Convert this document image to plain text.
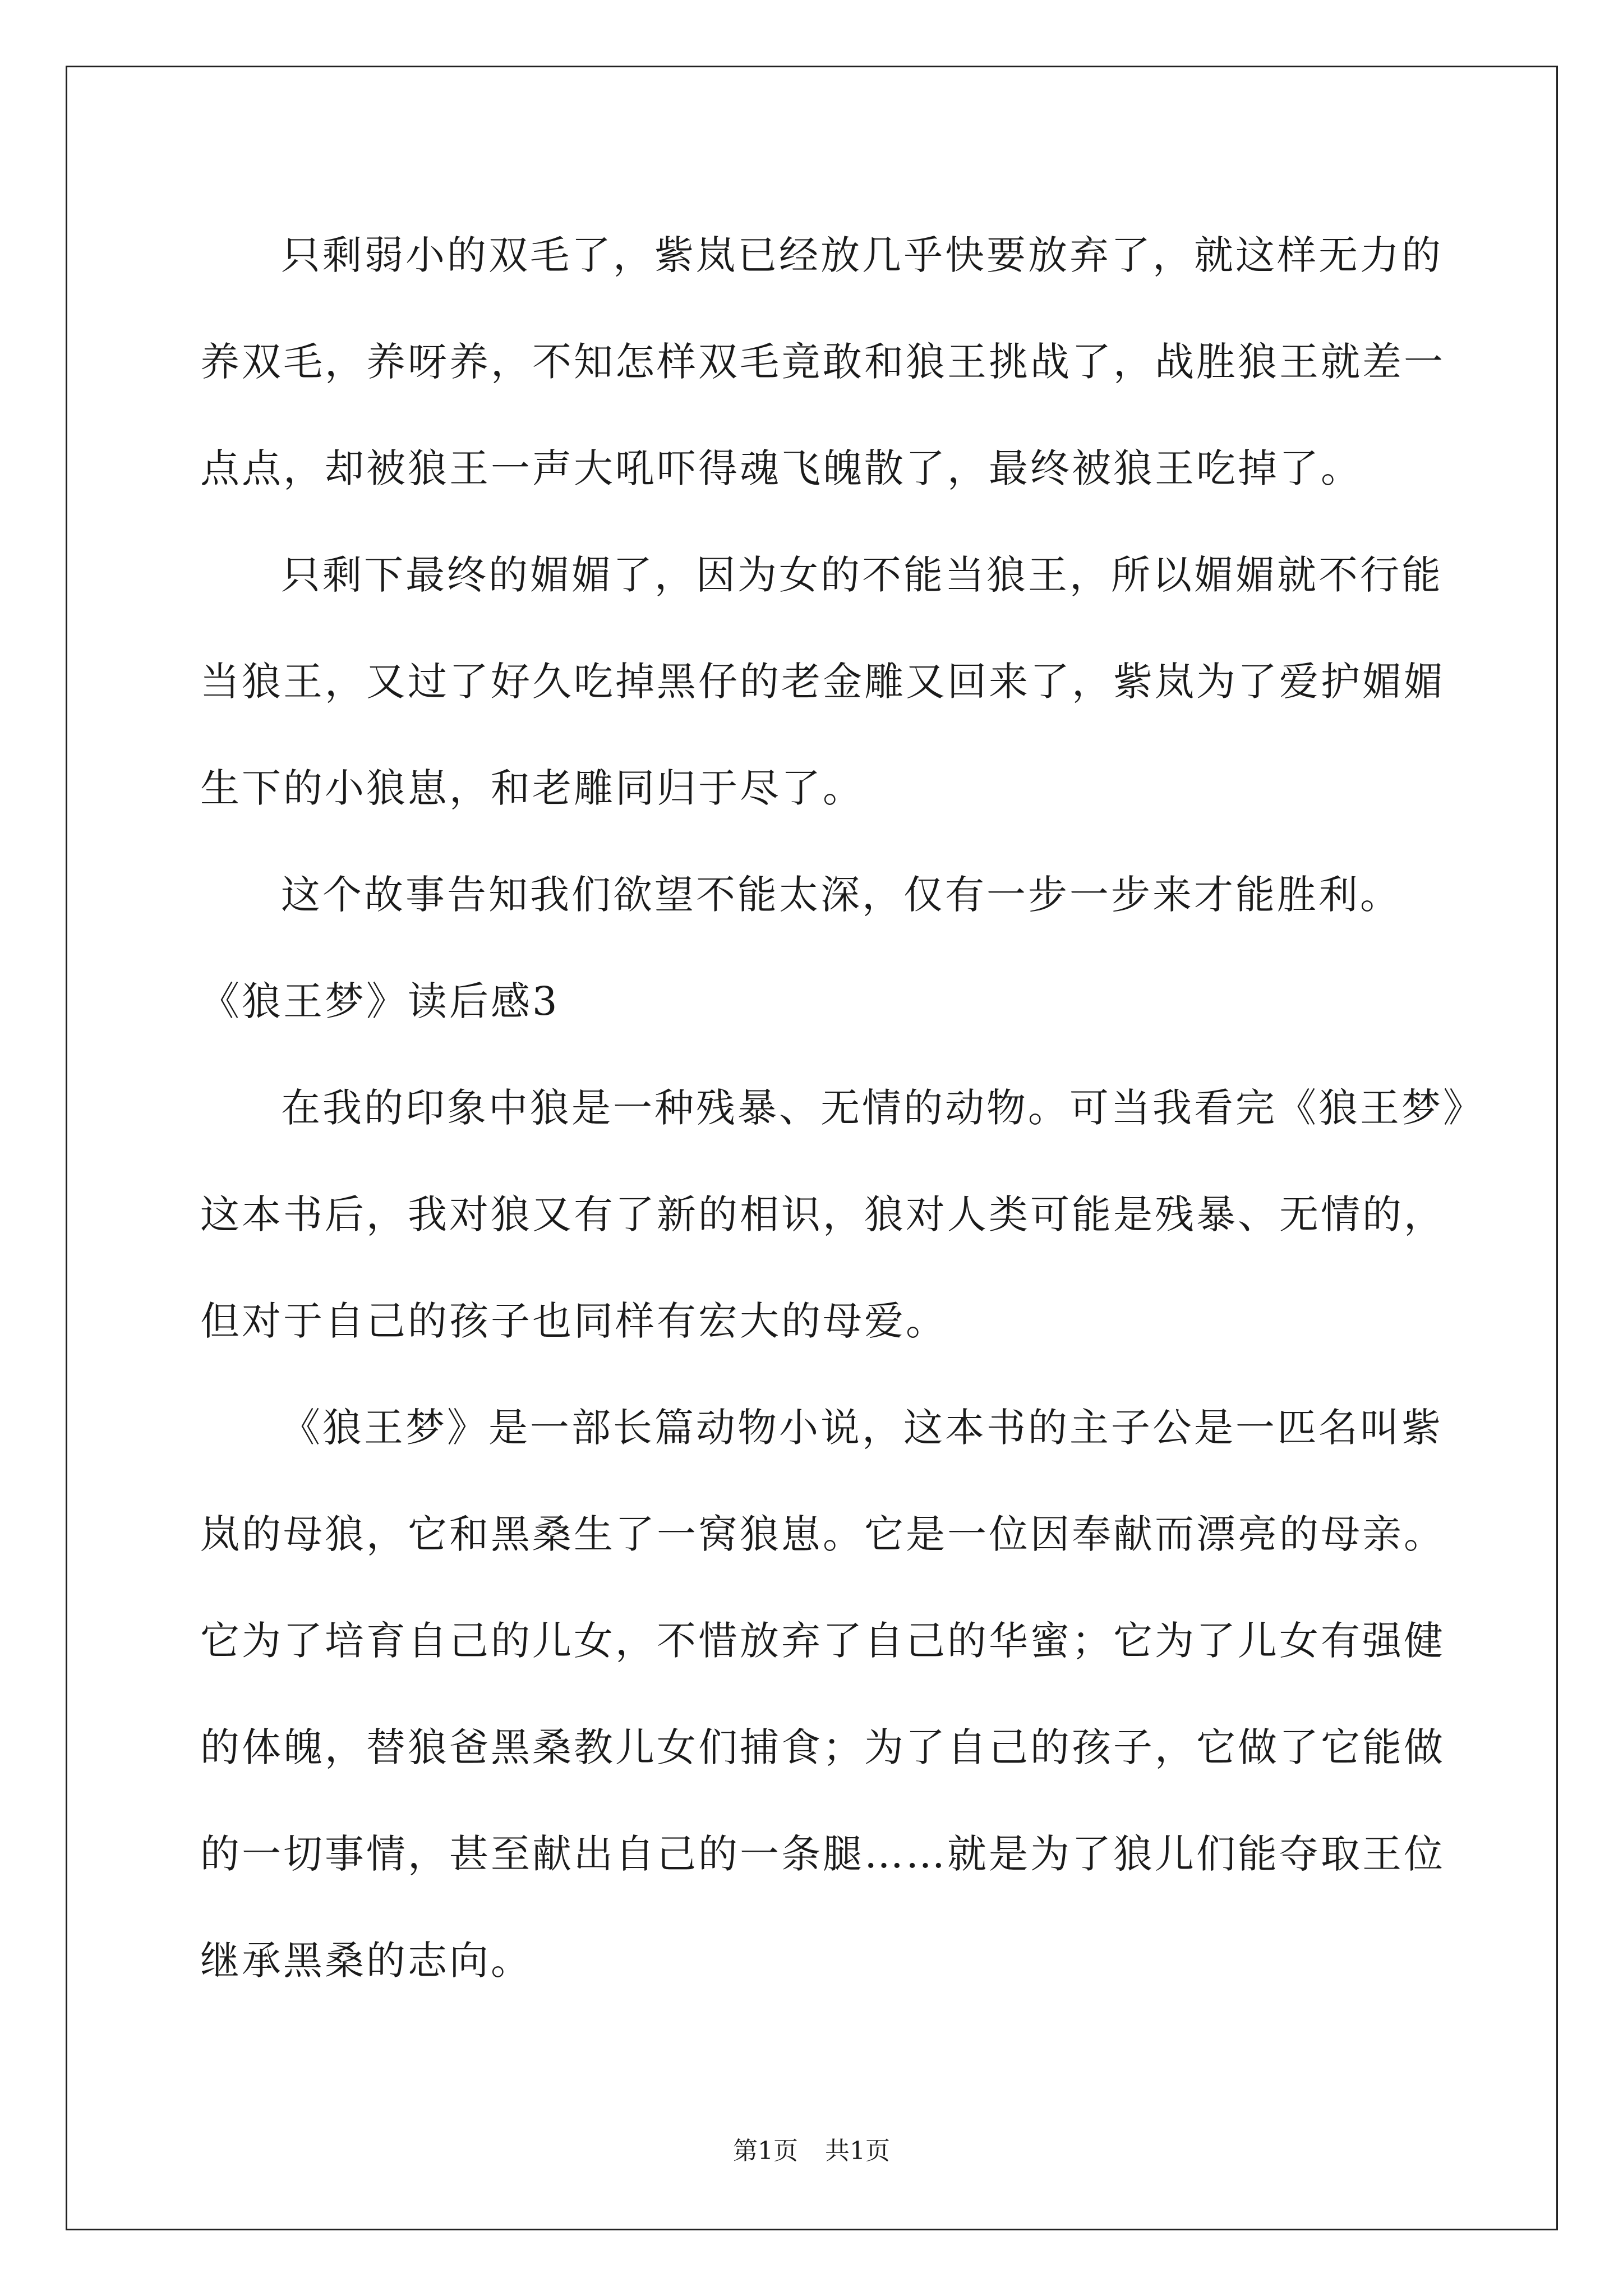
只剩弱小的双毛了，紫岚已经放几乎快要放弃了，就这样无力的
养双毛，养呀养，不知怎样双毛竟敢和狼王挑战了，战胜狼王就差一
点点，却被狼王一声大吼吓得魂飞魄散了，最终被狼王吃掉了。
只剩下最终的媚媚了，因为女的不能当狼王，所以媚媚就不行能
当狼王，又过了好久吃掉黑仔的老金雕又回来了，紫岚为了爱护媚媚
生下的小狼崽，和老雕同归于尽了。
这个故事告知我们欲望不能太深，仅有一步一步来才能胜利。
《狼王梦》读后感3
在我的印象中狼是一种残暴、无情的动物。可当我看完《狼王梦》
这本书后，我对狼又有了新的相识，狼对人类可能是残暴、无情的，
但对于自己的孩子也同样有宏大的母爱。
《狼王梦》是一部长篇动物小说，这本书的主子公是一匹名叫紫
岚的母狼，它和黑桑生了一窝狼崽。它是一位因奉献而漂亮的母亲。
它为了培育自己的儿女，不惜放弃了自己的华蜜；它为了儿女有强健
的体魄，替狼爸黑桑教儿女们捕食；为了自己的孩子，它做了它能做
的一切事情，甚至献出自己的一条腿……就是为了狼儿们能夺取王位
继承黑桑的志向。
第1页 共1页
